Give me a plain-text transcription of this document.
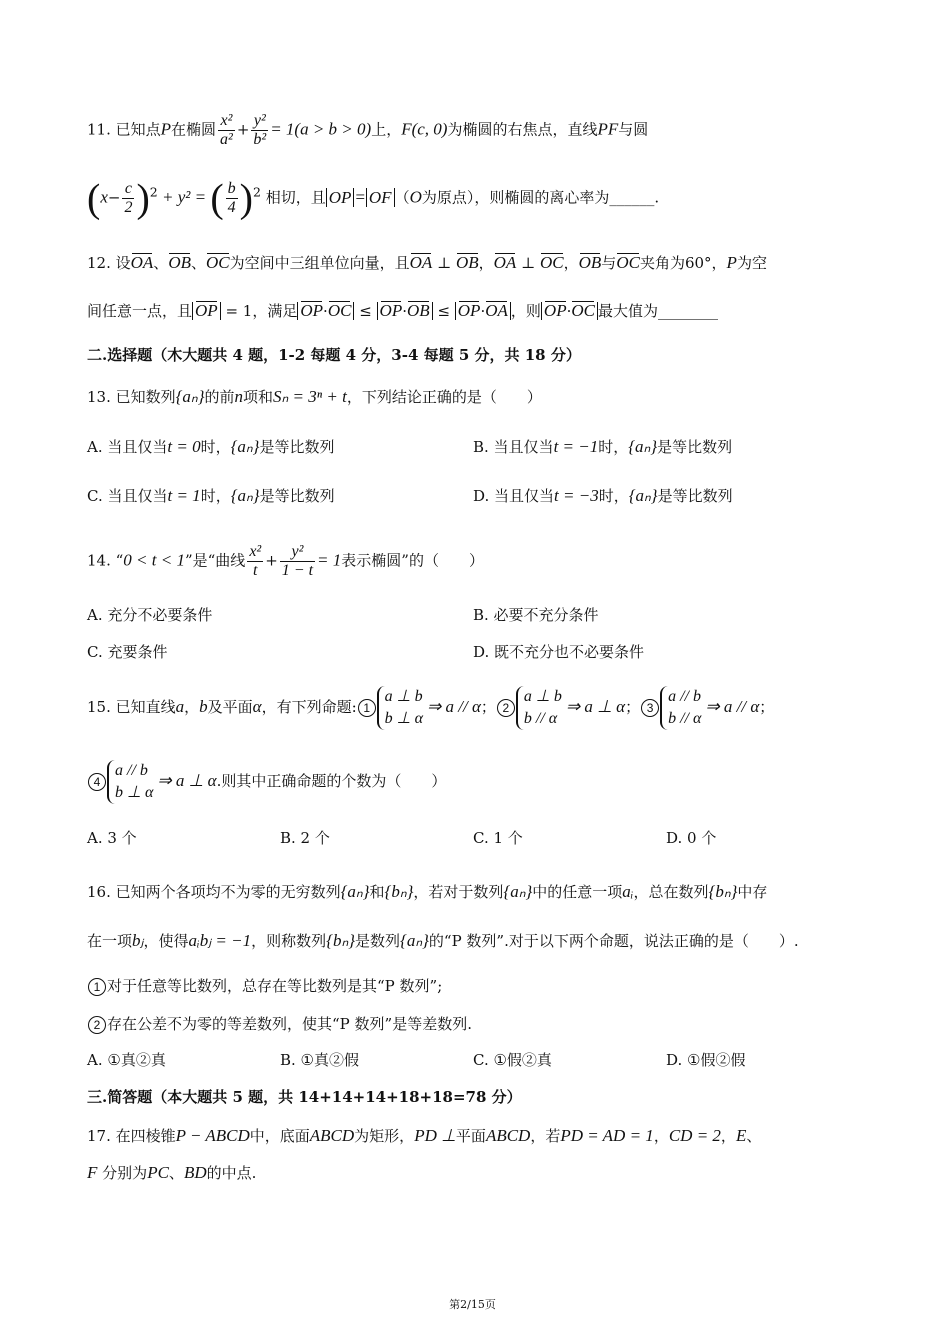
11. 已知点P在椭圆 $\frac{\text{x²}}{\text{a²}} + \frac{\text{y²}}{\text{b²}} = 1(a > b > 0)$上，F(c, 0)为椭圆的右焦点，直线PF与圆
$(x- \frac{c}{2} )^2 + y^2$ = ( $\frac{b}{4} )^2$ 相切，且 OP = OF （O为原点），则椭圆的离心率为______.
12. 设OA、OB、OC为空间中三组单位向量，且OA ⊥ OB，OA ⊥ OC，OB与OC夹角为60°，P为空
间任意一点，且 OP = 1，满足 OP·OC ≤ OP·OB ≤ OP·OA ，则 OP·OC 最大值为________
二.选择题（木大题共 4 题，1-2 每题 4 分，3-4 每题 5 分，共 18 分）
13. 已知数列{aₙ}的前n项和Sₙ = 3ⁿ + t，下列结论正确的是（　　）
A. 当且仅当t = 0时，{aₙ}是等比数列	B. 当且仅当t = −1时，{aₙ}是等比数列
C. 当且仅当t = 1时，{aₙ}是等比数列	D. 当且仅当t = −3时，{aₙ}是等比数列
14. “0 < t < 1”是“曲线 $\frac{\text{x²}}{t} + \frac{\text{y²}}{1 - t} = 1$表示椭圆”的（　　）
A. 充分不必要条件	B. 必要不充分条件
C. 充要条件	D. 既不充分也不必要条件
15. 已知直线a，b及平面α，有下列命题: 1
a ⊥ b
b ⊥ α
⇒ a // α； 2
a ⊥ b
b // α
⇒ a ⊥ α； 3
a // b
b // α
⇒ a // α；
4
a // b
b ⊥ α
⇒ a ⊥ α.则其中正确命题的个数为（　　）
A. 3 个	B. 2 个	C. 1 个	D. 0 个
16. 已知两个各项均不为零的无穷数列{aₙ}和{bₙ}，若对于数列{aₙ}中的任意一项aᵢ，总在数列{bₙ}中存
在一项bⱼ，使得aᵢbⱼ = −1，则称数列{bₙ}是数列{aₙ}的“P 数列”.对于以下两个命题，说法正确的是（　　）.
1 对于任意等比数列，总存在等比数列是其“P 数列”;
2 存在公差不为零的等差数列，使其“P 数列”是等差数列.
A. ①真②真	B. ①真②假	C. ①假②真	D. ①假②假
三.简答题（本大题共 5 题，共 14+14+14+18+18=78 分）
17. 在四棱锥P − ABCD中，底面ABCD为矩形，PD ⊥平面ABCD，若PD = AD = 1，CD = 2，E、
F 分别为PC、BD的中点.
第2/15页
